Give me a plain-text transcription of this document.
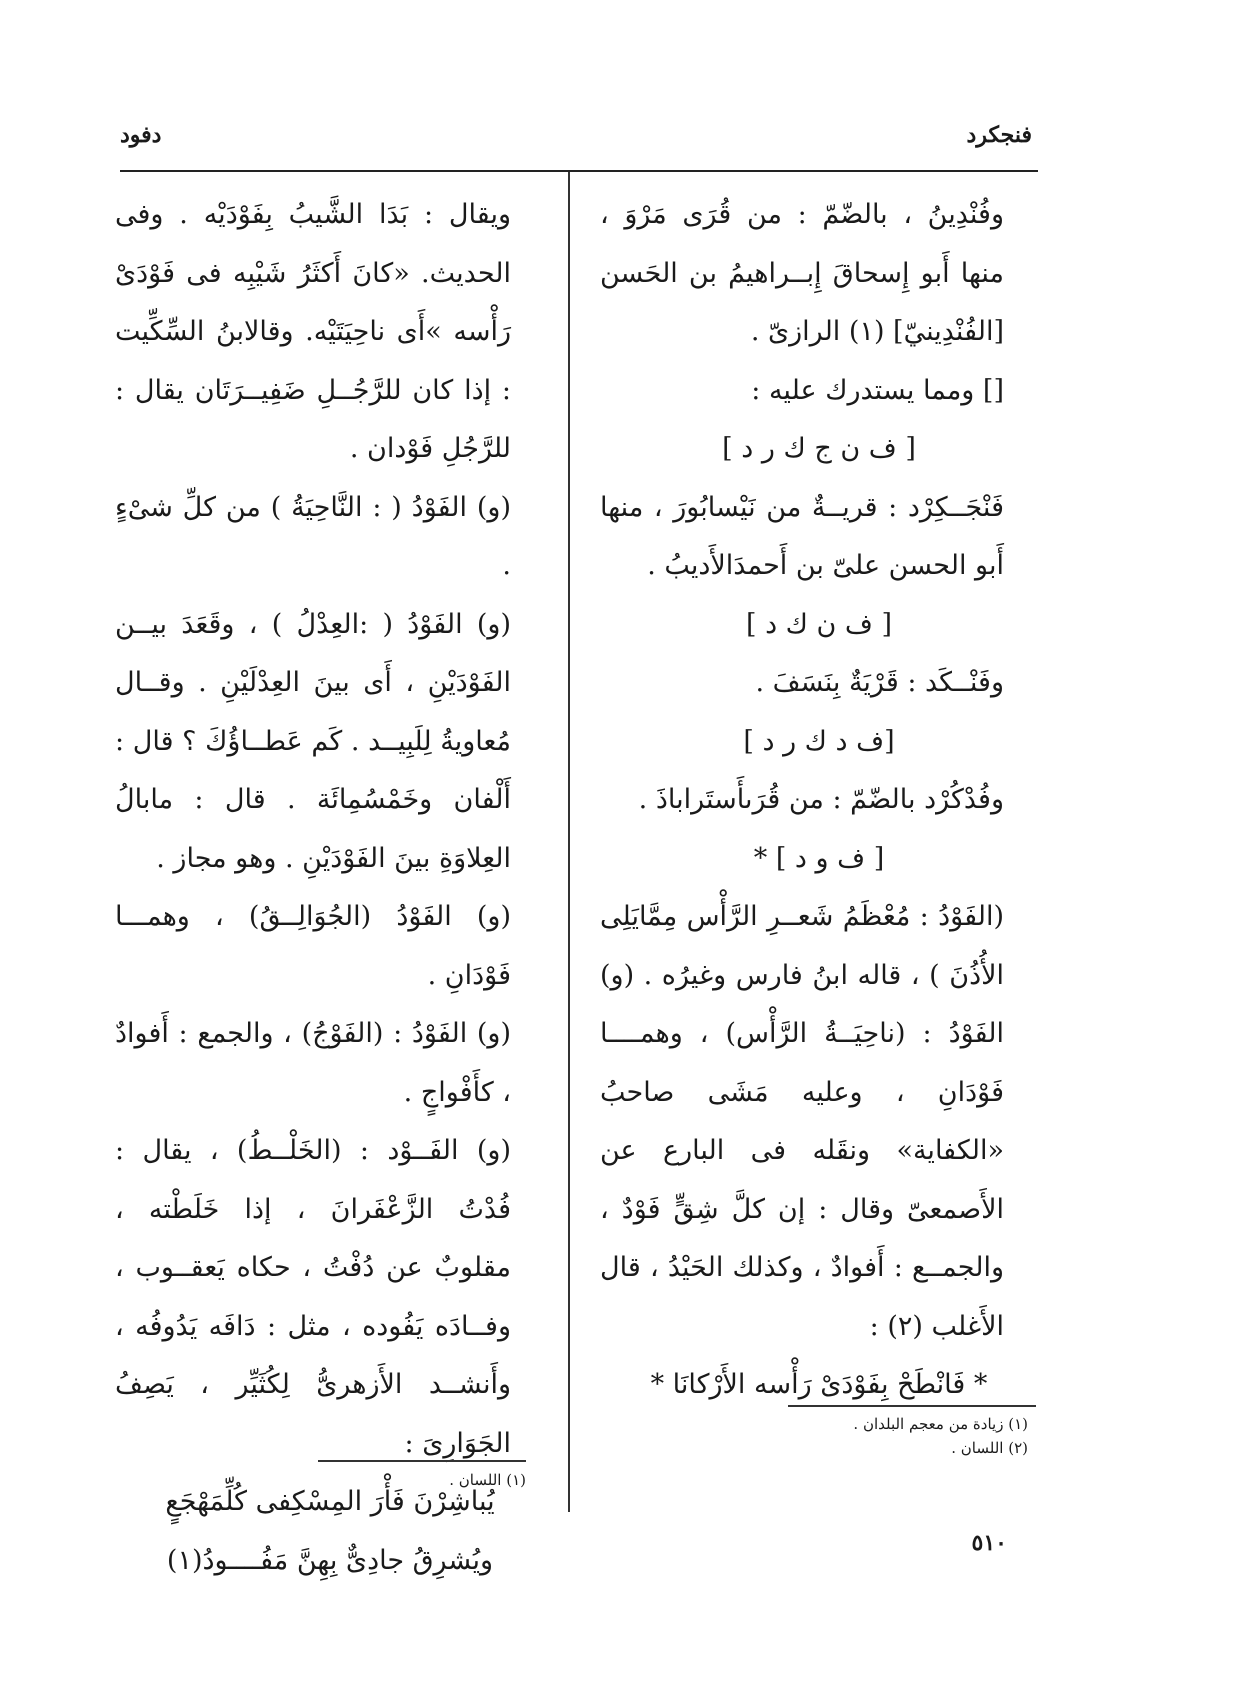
دفود	فنجكرد

وفُنْدِينُ ، بالضّمّ : من قُرَى مَرْوَ ، منها أَبو إِسحاقَ إِبــراهيمُ بن الحَسن [الفُنْدِينيّ] (١) الرازىّ .

[] ومما يستدرك عليه :

[ ف ن ج ك ر د ]

فَنْجَــكِرْد : قريــةٌ من نَيْسابُورَ ، منها أَبو الحسن علىّ بن أَحمدَالأَديبُ .

[ ف ن ك د ]

وفَنْــكَد : قَرْيَةٌ بِنَسَفَ .

[ف د ك ر د ]

وفُدْكُرْد بالضّمّ : من قُرَىأَستَراباذَ .

[ ف و د ] *

(الفَوْدُ : مُعْظَمُ شَعــرِ الرَّأْس مِمَّايَلِى الأُذُنَ ) ، قاله ابنُ فارس وغيرُه . (و) الفَوْدُ : (ناحِيَــةُ الرَّأْس) ، وهمــــا فَوْدَانِ ، وعليه مَشَى صاحبُ «الكفاية» ونقَله فى البارع عن الأَصمعىّ وقال : إن كلَّ شِقٍّ فَوْدٌ ، والجمــع : أَفوادٌ ، وكذلك الحَيْدُ ، قال الأَغلب (٢) :

* فَانْطَحْ بِفَوْدَىْ رَأْسه الأَرْكانَا *

ويقال : بَدَا الشَّيبُ بِفَوْدَيْه . وفى الحديث. «كانَ أَكثَرُ شَيْبِه فى فَوْدَىْ رَأْسه »أَى ناحِيَتَيْه. وقالابنُ السِّكِّيت : إذا كان للرَّجُــلِ ضَفِيــرَتَان يقال : للرَّجُلِ فَوْدان .

(و) الفَوْدُ ( : النَّاحِيَةُ ) من كلِّ شىْءٍ .

(و) الفَوْدُ ( :العِدْلُ ) ، وقَعَدَ بيــن الفَوْدَيْنِ ، أَى بينَ العِدْلَيْنِ . وقــال مُعاويةُ لِلَبِيــد . كَم عَطــاؤُكَ ؟ قال : أَلْفان وخَمْسُمِائَة . قال : مابالُ العِلاوَةِ بينَ الفَوْدَيْنِ . وهو مجاز .

(و) الفَوْدُ (الجُوَالِــقُ) ، وهمـــا فَوْدَانِ .

(و) الفَوْدُ : (الفَوْجُ) ، والجمع : أَفوادٌ ، كأَفْواجٍ .

(و) الفَــوْد : (الخَلْــطُ) ، يقال : فُدْتُ الزَّعْفَرانَ ، إذا خَلَطْته ، مقلوبٌ عن دُفْتُ ، حكاه يَعقــوب ، وفــادَه يَفُوده ، مثل : دَافَه يَدُوفُه ، وأَنشــد الأَزهرىُّ لِكُثَيِّر ، يَصِفُ الجَوَارِىَ :

يُباشِرْنَ فَأْرَ المِسْكِفى كُلِّمَهْجَعٍ

ويُشرِقُ جادِىٌّ بِهِنَّ مَفُــــودُ(١)

(١) اللسان .

(١) زيادة من معجم البلدان .

(٢) اللسان .

٥١٠
